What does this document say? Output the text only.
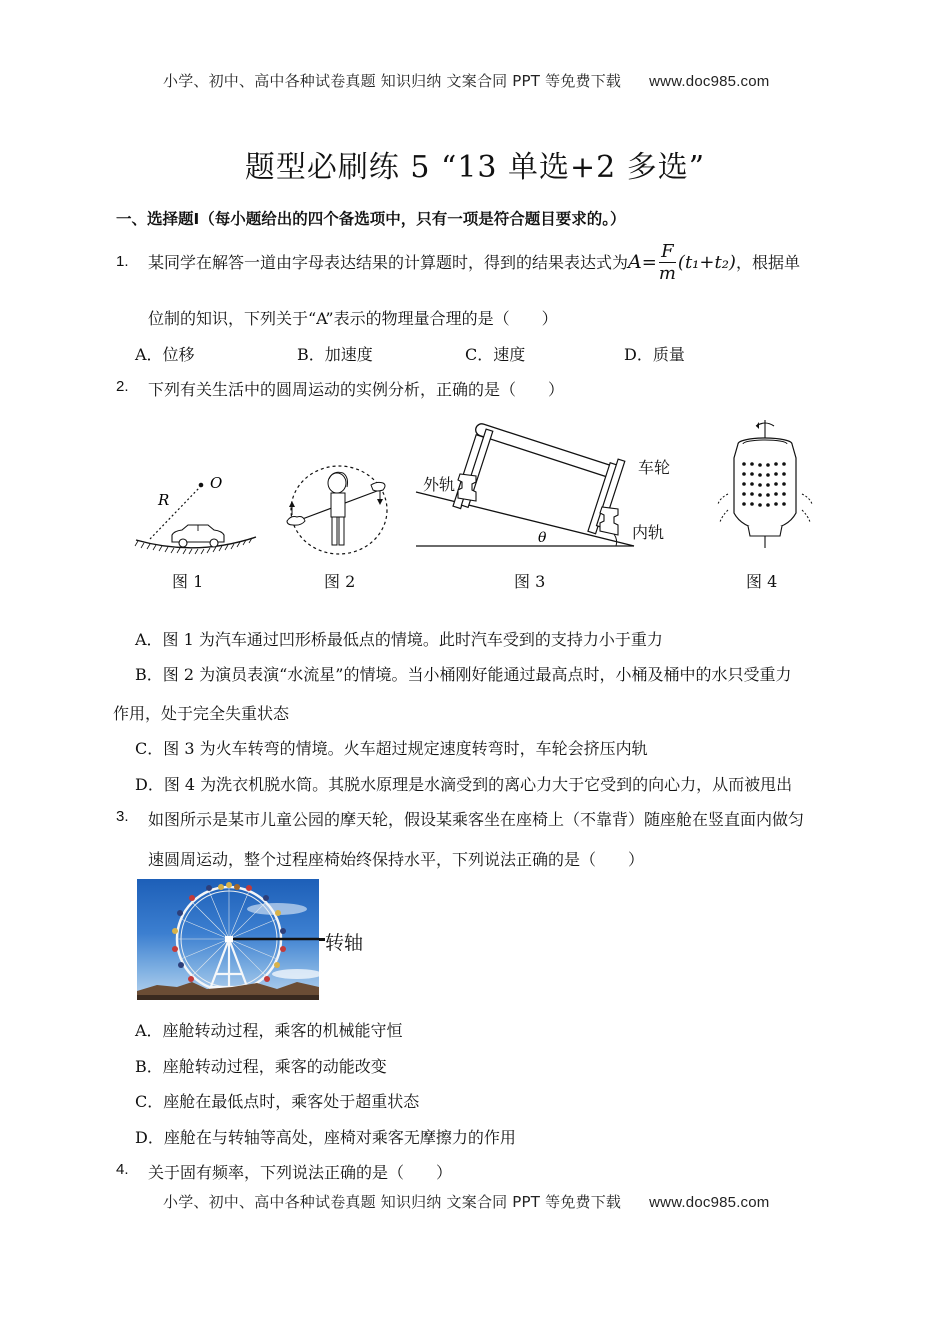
小学、初中、高中各种试卷真题 知识归纳 文案合同 PPT 等免费下载 www.doc985.com
题型必刷练 5 “13 单选+2 多选”
一、选择题Ⅰ（每小题给出的四个备选项中，只有一项是符合题目要求的。）
1. 某同学在解答一道由字母表达结果的计算题时，得到的结果表达式为$A= \frac{F}{m} (t_1+t_2)$，根据单
位制的知识，下列关于“A”表示的物理量合理的是（　　）
A．位移	B．加速度	C．速度	D．质量
2. 下列有关生活中的圆周运动的实例分析，正确的是（　　）
O
R
图 1	图 2
θ
外轨
车轮
内轨
图 3	图 4
A．图 1 为汽车通过凹形桥最低点的情境。此时汽车受到的支持力小于重力
B．图 2 为演员表演“水流星”的情境。当小桶刚好能通过最高点时，小桶及桶中的水只受重力
作用，处于完全失重状态
C．图 3 为火车转弯的情境。火车超过规定速度转弯时，车轮会挤压内轨
D．图 4 为洗衣机脱水筒。其脱水原理是水滴受到的离心力大于它受到的向心力，从而被甩出
3. 如图所示是某市儿童公园的摩天轮，假设某乘客坐在座椅上（不靠背）随座舱在竖直面内做匀
速圆周运动，整个过程座椅始终保持水平，下列说法正确的是（　　）
转轴
A．座舱转动过程，乘客的机械能守恒
B．座舱转动过程，乘客的动能改变
C．座舱在最低点时，乘客处于超重状态
D．座舱在与转轴等高处，座椅对乘客无摩擦力的作用
4. 关于固有频率，下列说法正确的是（　　）
小学、初中、高中各种试卷真题 知识归纳 文案合同 PPT 等免费下载 www.doc985.com
